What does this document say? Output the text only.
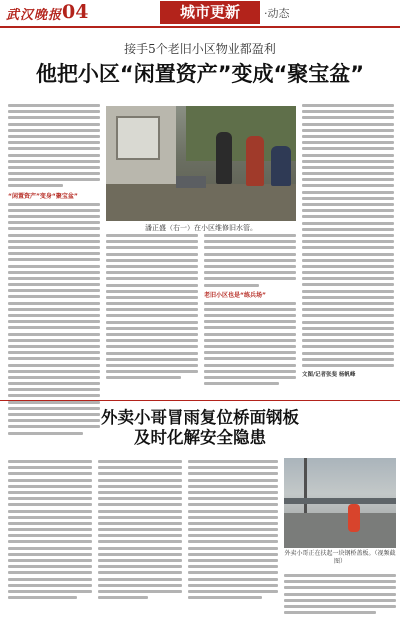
武汉晚报 04	城市更新	·动态
接手5个老旧小区物业都盈利
他把小区“闲置资产”变成“聚宝盆”
“闲置资产”变身“聚宝盆”
潘正盛（右一）在小区维修旧水管。
老旧小区也是“练兵场”
文图/记者张斐 杨帆峰
外卖小哥冒雨复位桥面钢板
及时化解安全隐患
外卖小哥正在扶起一块钢桥盖板。（视频截图）
